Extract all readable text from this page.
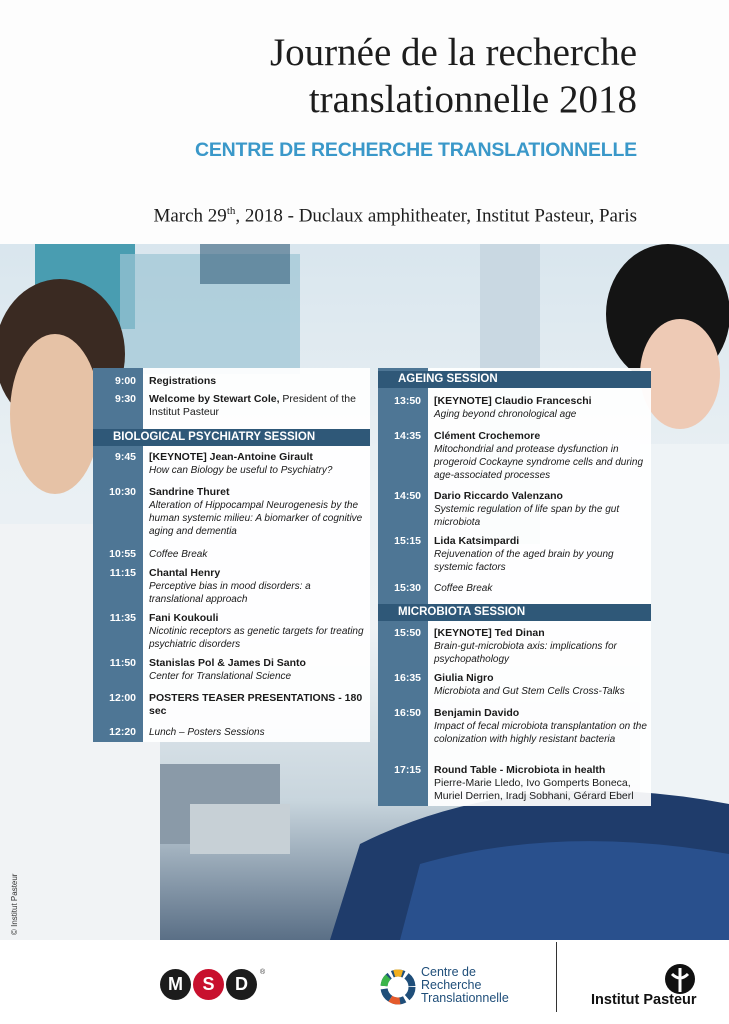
Journée de la recherche
translationnelle 2018
CENTRE DE RECHERCHE TRANSLATIONNELLE
March 29th, 2018 - Duclaux amphitheater, Institut Pasteur, Paris
© Institut Pasteur
9:00 Registrations
9:30 Welcome by Stewart Cole, President of the Institut Pasteur
BIOLOGICAL PSYCHIATRY SESSION
9:45 [KEYNOTE] Jean-Antoine Girault
How can Biology be useful to Psychiatry?
10:30 Sandrine Thuret
Alteration of Hippocampal Neurogenesis by the human systemic milieu: A biomarker of cognitive aging and dementia
10:55 Coffee Break
11:15 Chantal Henry
Perceptive bias in mood disorders: a translational approach
11:35 Fani Koukouli
Nicotinic receptors as genetic targets for treating psychiatric disorders
11:50 Stanislas Pol & James Di Santo
Center for Translational Science
12:00 POSTERS TEASER PRESENTATIONS - 180 sec
12:20 Lunch – Posters Sessions
AGEING SESSION
13:50 [KEYNOTE] Claudio Franceschi
Aging beyond chronological age
14:35 Clément Crochemore
Mitochondrial and protease dysfunction in progeroid Cockayne syndrome cells and during age-associated processes
14:50 Dario Riccardo Valenzano
Systemic regulation of life span by the gut microbiota
15:15 Lida Katsimpardi
Rejuvenation of the aged brain by young systemic factors
15:30 Coffee Break
MICROBIOTA SESSION
15:50 [KEYNOTE] Ted Dinan
Brain-gut-microbiota axis: implications for psychopathology
16:35 Giulia Nigro
Microbiota and Gut Stem Cells Cross-Talks
16:50 Benjamin Davido
Impact of fecal microbiota transplantation on the colonization with highly resistant bacteria
17:15 Round Table - Microbiota in health
Pierre-Marie Lledo, Ivo Gomperts Boneca, Muriel Derrien, Iradj Sobhani, Gérard Eberl
M	S	D
®	Centre de
Recherche
Translationnelle	Institut Pasteur
